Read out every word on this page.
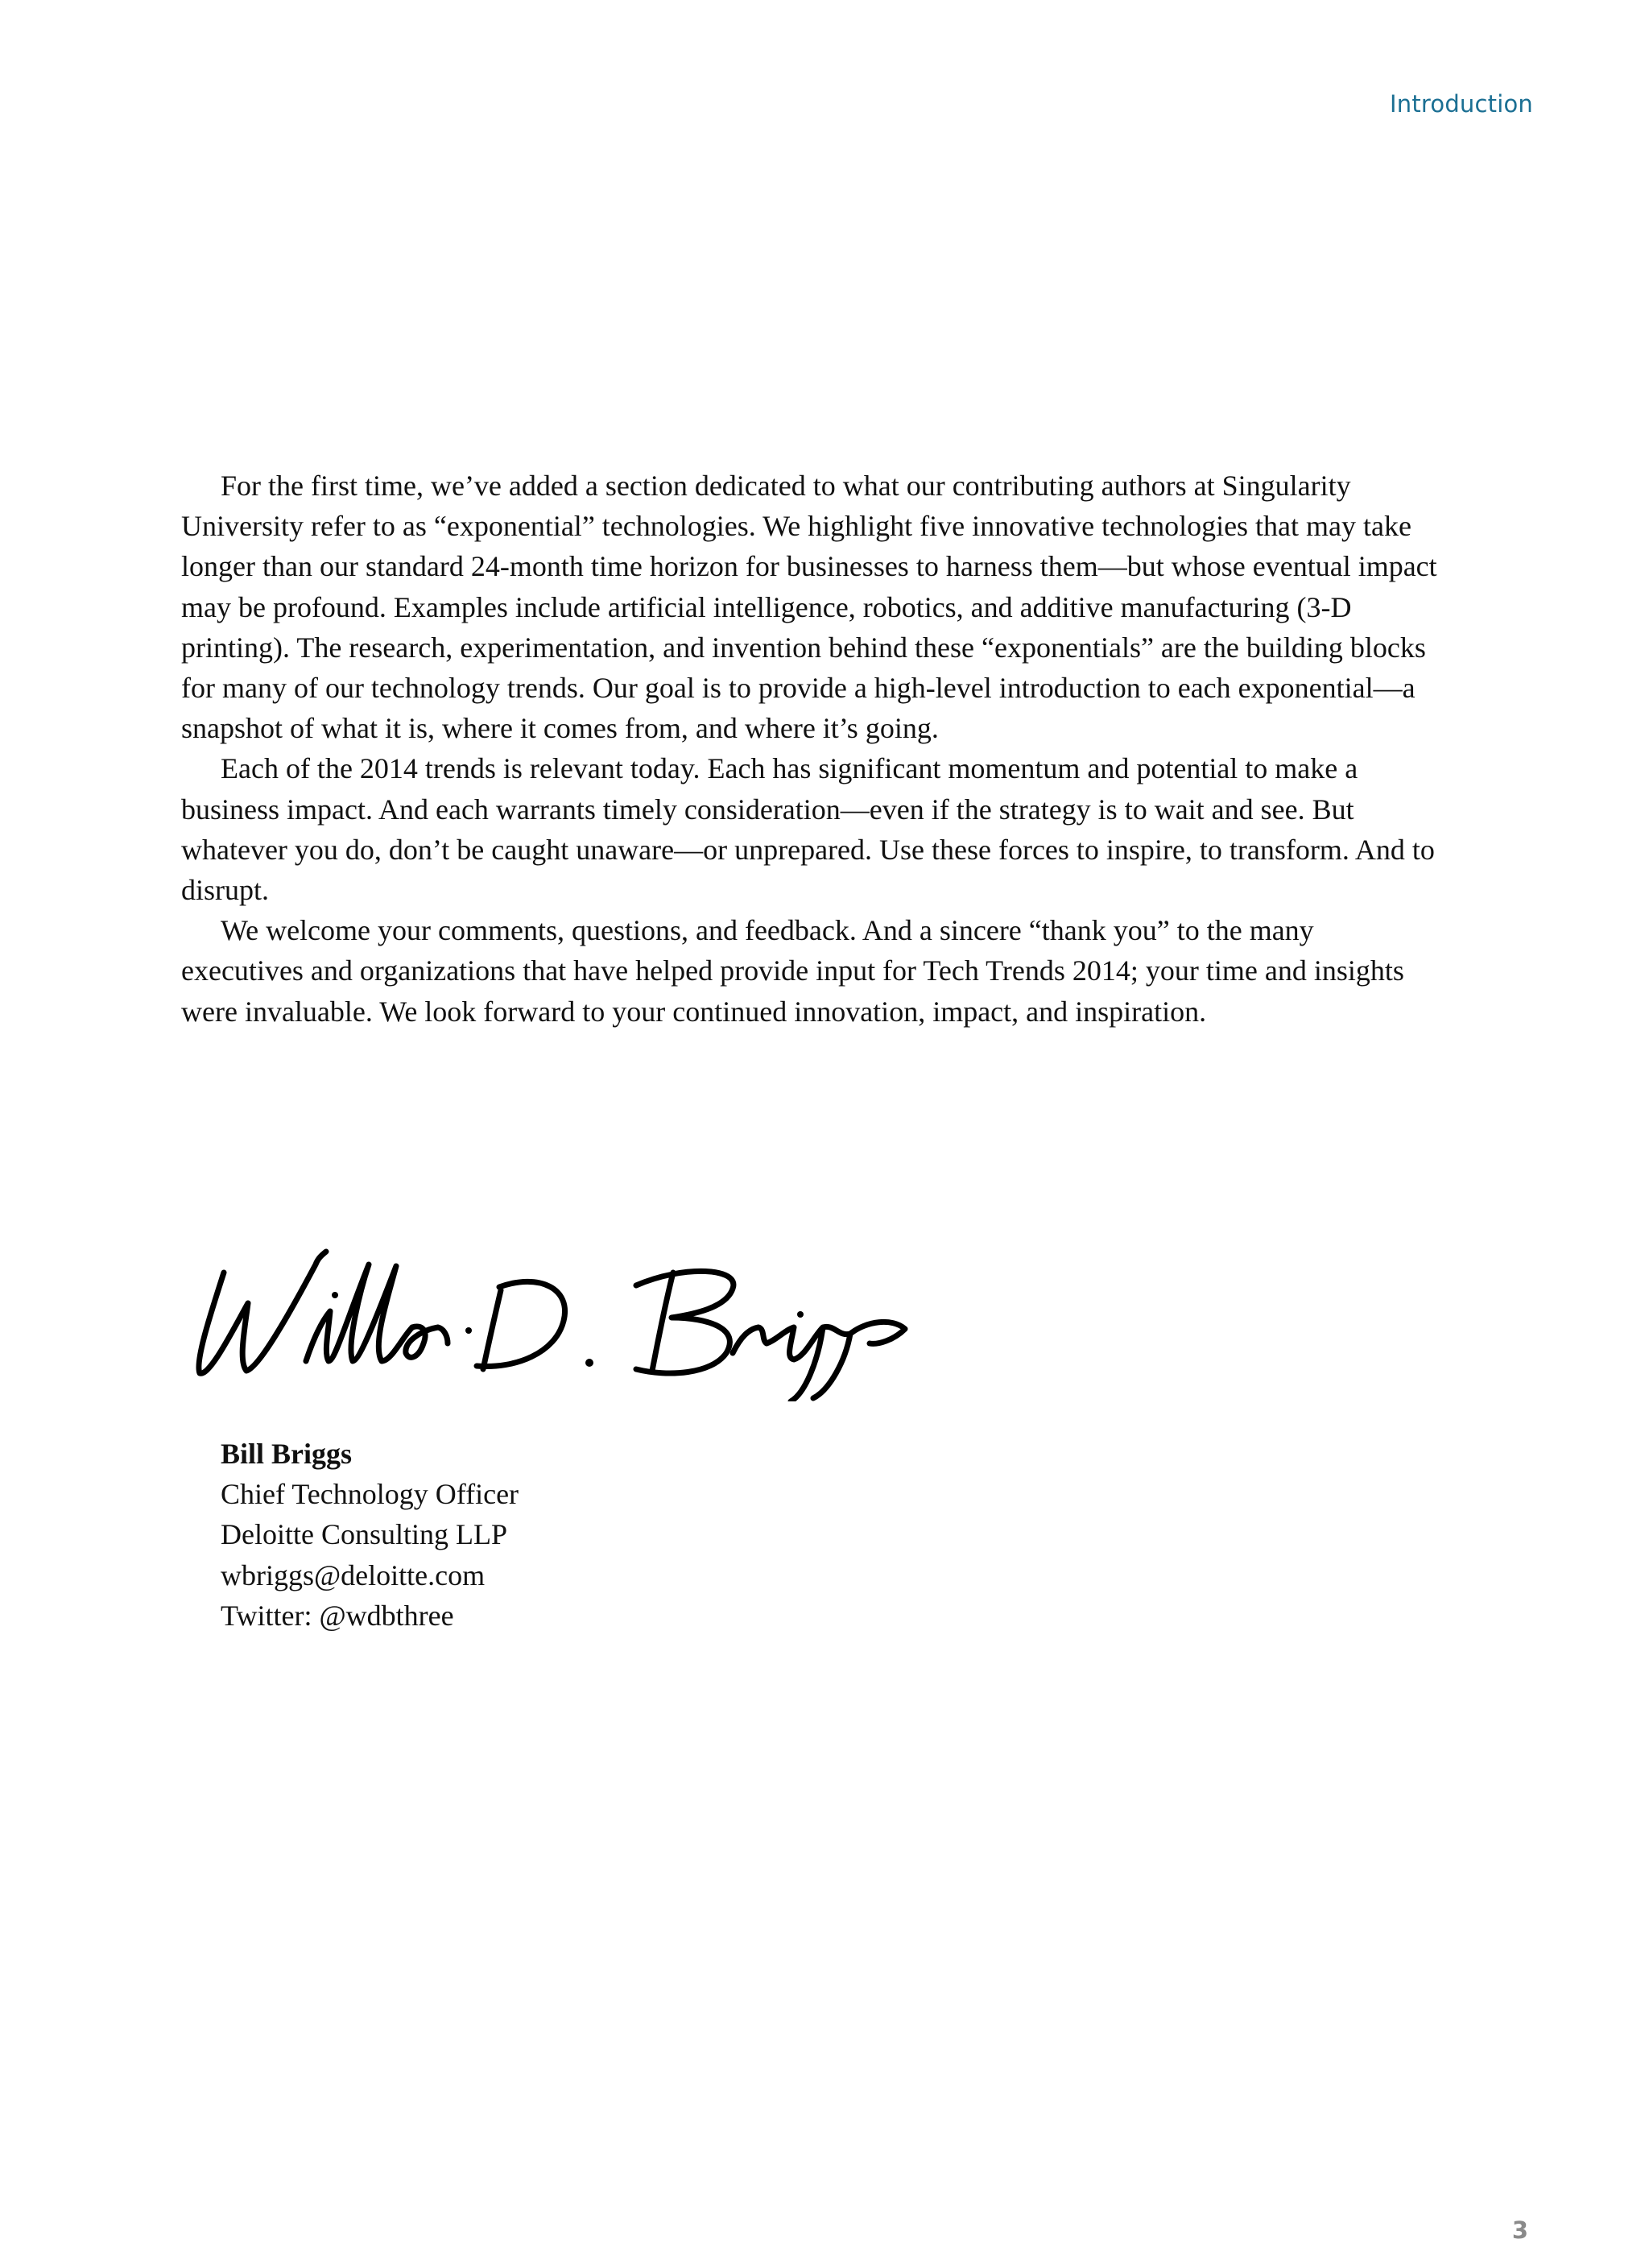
Introduction

For the first time, we’ve added a section dedicated to what our contributing authors at Singularity University refer to as “exponential” technologies. We highlight five innovative technologies that may take longer than our standard 24-month time horizon for businesses to harness them—but whose eventual impact may be profound. Examples include artificial intelligence, robotics, and additive manufacturing (3-D printing). The research, experimentation, and invention behind these “exponentials” are the building blocks for many of our technology trends. Our goal is to provide a high-level introduction to each exponential—a snapshot of what it is, where it comes from, and where it’s going.

Each of the 2014 trends is relevant today. Each has significant momentum and potential to make a business impact. And each warrants timely consideration—even if the strategy is to wait and see. But whatever you do, don’t be caught unaware—or unprepared. Use these forces to inspire, to transform. And to disrupt.

We welcome your comments, questions, and feedback. And a sincere “thank you” to the many executives and organizations that have helped provide input for Tech Trends 2014; your time and insights were invaluable. We look forward to your continued innovation, impact, and inspiration.

Bill Briggs
Chief Technology Officer
Deloitte Consulting LLP
wbriggs@deloitte.com
Twitter: @wdbthree
3
